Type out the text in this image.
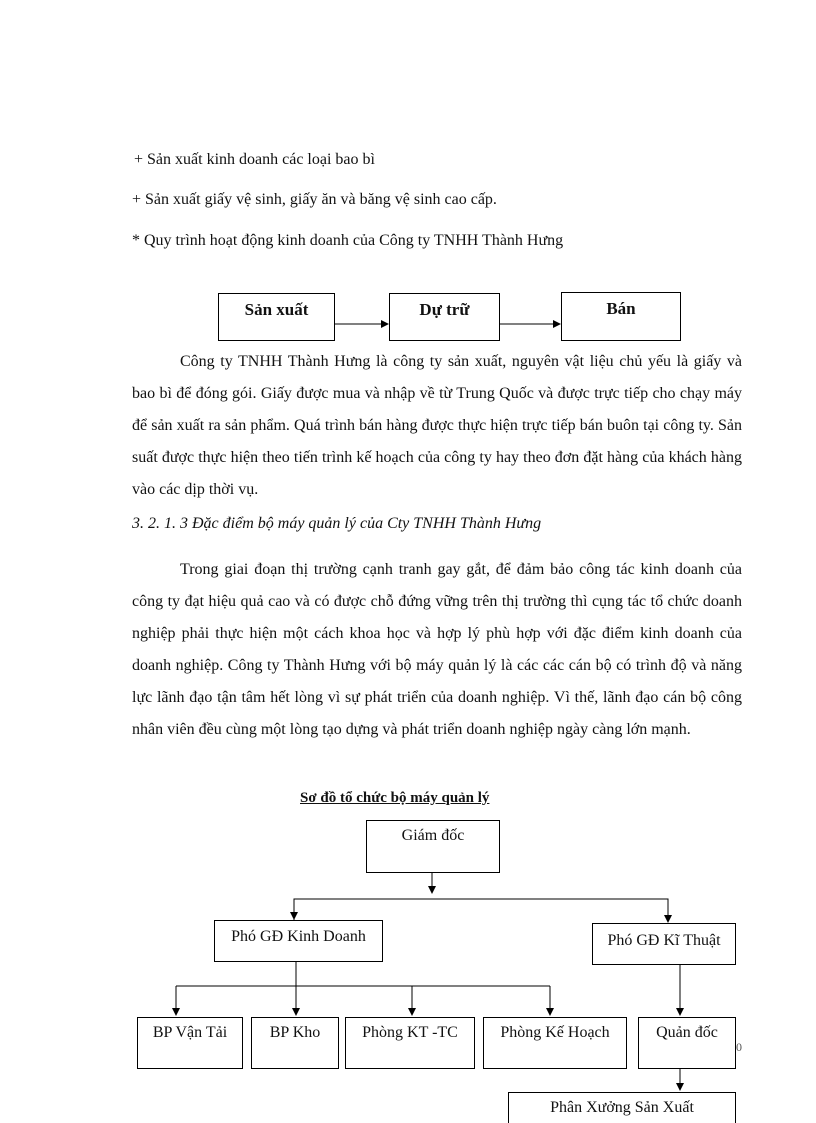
+ Sản xuất kinh doanh các loại bao bì
+ Sản xuất giấy vệ sinh, giấy ăn và băng vệ sinh cao cấp.
* Quy trình hoạt động kinh doanh của Công ty TNHH Thành Hưng
Sản xuất	Dự trữ	Bán
Công ty TNHH Thành Hưng là công ty sản xuất, nguyên vật liệu chủ yếu là giấy và bao bì để đóng gói. Giấy được mua và nhập về từ Trung Quốc và được trực tiếp cho chạy máy để sản xuất ra sản phẩm. Quá trình bán hàng được thực hiện trực tiếp bán buôn tại công ty. Sản suất được thực hiện theo tiến trình kế hoạch của công ty hay theo đơn đặt hàng của khách hàng vào các dịp thời vụ.
3. 2. 1. 3 Đặc điểm bộ máy quản lý của Cty TNHH Thành Hưng
Trong giai đoạn thị trường cạnh tranh gay gắt, để đảm bảo công tác kinh doanh của công ty đạt hiệu quả cao và có được chỗ đứng vững trên thị trường thì cụng tác tổ chức doanh nghiệp phải thực hiện một cách khoa học và hợp lý phù hợp với đặc điểm kinh doanh của doanh nghiệp. Công ty Thành Hưng với bộ máy quản lý là các các cán bộ có trình độ và năng lực lãnh đạo tận tâm hết lòng vì sự phát triển của doanh nghiệp. Vì thế, lãnh đạo cán bộ công nhân viên đều cùng một lòng tạo dựng và phát triển doanh nghiệp ngày càng lớn mạnh.
Sơ đồ tổ chức bộ máy quản lý
Giám đốc
Phó GĐ Kinh Doanh	Phó GĐ Kĩ Thuật
BP Vận Tải	BP Kho	Phòng KT -TC	Phòng Kế Hoạch	Quản đốc
Phân Xưởng Sản Xuất
0
